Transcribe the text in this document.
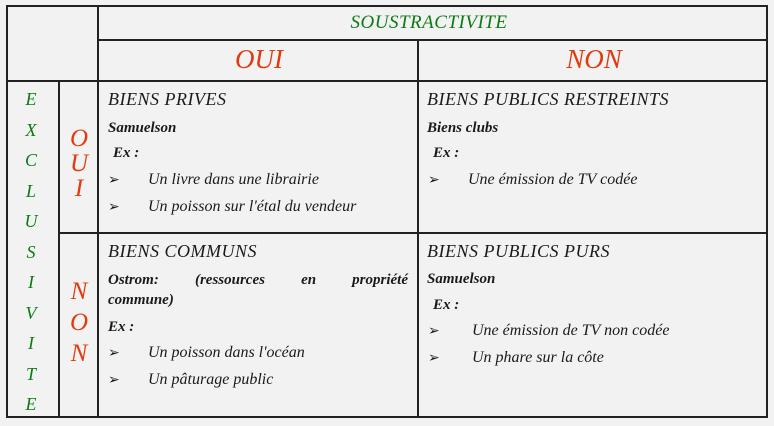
SOUSTRACTIVITE
OUI	NON
E
X
C
L
U
S
I
V
I
T
E
O
U
I
N
O
N
BIENS PRIVES
Samuelson
Ex :
➢ Un livre dans une librairie
➢ Un poisson sur l'étal du vendeur
BIENS PUBLICS RESTREINTS
Biens clubs
Ex :
➢ Une émission de TV codée
BIENS COMMUNS
Ostrom: (ressources en propriété
commune)
Ex :
➢ Un poisson dans l'océan
➢ Un pâturage public
BIENS PUBLICS PURS
Samuelson
Ex :
➢ Une émission de TV non codée
➢ Un phare sur la côte
